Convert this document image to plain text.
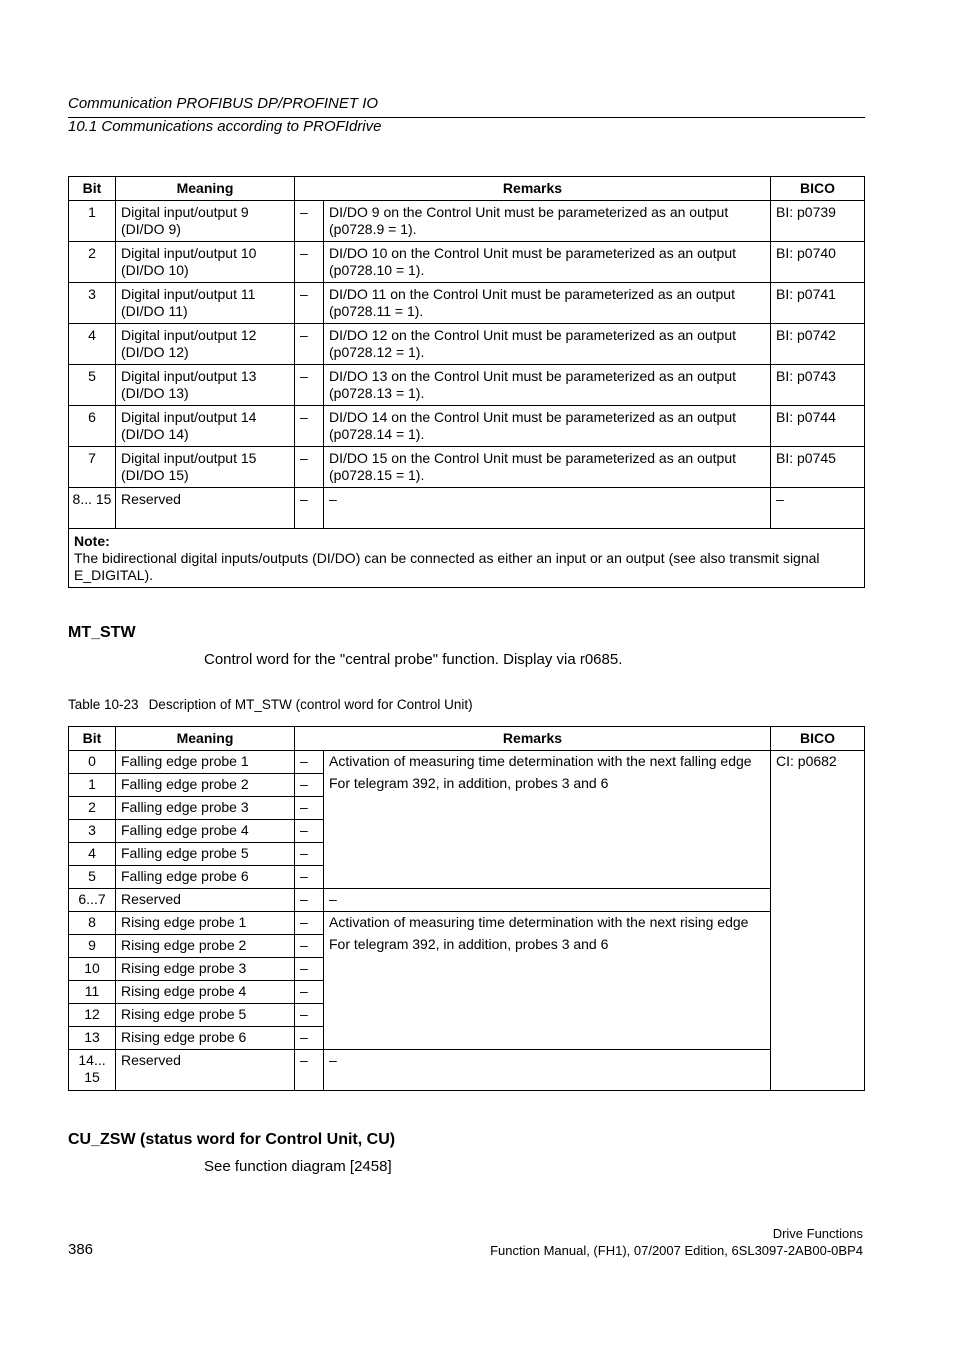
Communication PROFIBUS DP/PROFINET IO
10.1 Communications according to PROFIdrive
Bit	Meaning	Remarks		BICO
1	Digital input/output 9 (DI/DO 9)	–	DI/DO 9 on the Control Unit must be parameterized as an output (p0728.9 = 1).	BI: p0739
2	Digital input/output 10 (DI/DO 10)	–	DI/DO 10 on the Control Unit must be parameterized as an output (p0728.10 = 1).	BI: p0740
3	Digital input/output 11 (DI/DO 11)	–	DI/DO 11 on the Control Unit must be parameterized as an output (p0728.11 = 1).	BI: p0741
4	Digital input/output 12 (DI/DO 12)	–	DI/DO 12 on the Control Unit must be parameterized as an output (p0728.12 = 1).	BI: p0742
5	Digital input/output 13 (DI/DO 13)	–	DI/DO 13 on the Control Unit must be parameterized as an output (p0728.13 = 1).	BI: p0743
6	Digital input/output 14 (DI/DO 14)	–	DI/DO 14 on the Control Unit must be parameterized as an output (p0728.14 = 1).	BI: p0744
7	Digital input/output 15 (DI/DO 15)	–	DI/DO 15 on the Control Unit must be parameterized as an output (p0728.15 = 1).	BI: p0745
8... 15	Reserved	–	–	–

Note:
The bidirectional digital inputs/outputs (DI/DO) can be connected as either an input or an output (see also transmit signal E_DIGITAL).				
MT_STW
Control word for the "central probe" function. Display via r0685.
Table 10-23 Description of MT_STW (control word for Control Unit)
Bit	Meaning	Remarks		BICO
0	Falling edge probe 1	–	Activation of measuring time determination with the next falling edge
For telegram 392, in addition, probes 3 and 6	CI: p0682
1	Falling edge probe 2	–		
2	Falling edge probe 3	–		
3	Falling edge probe 4	–		
4	Falling edge probe 5	–		
5	Falling edge probe 6	–		
6...7	Reserved	–	–	
8	Rising edge probe 1	–	Activation of measuring time determination with the next rising edge
For telegram 392, in addition, probes 3 and 6	

9	Rising edge probe 2	–		
10	Rising edge probe 3	–		
11	Rising edge probe 4	–		
12	Rising edge probe 5	–		
13	Rising edge probe 6	–		
14... 15	Reserved	–	–	
CU_ZSW (status word for Control Unit, CU)
See function diagram [2458]
386
Drive Functions
Function Manual, (FH1), 07/2007 Edition, 6SL3097-2AB00-0BP4
